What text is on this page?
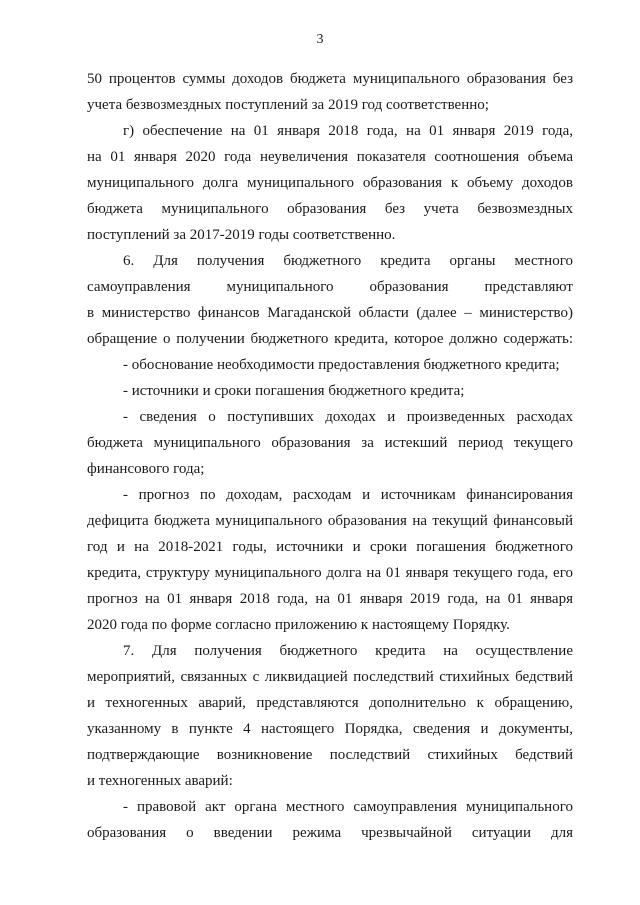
3
50 процентов суммы доходов бюджета муниципального образования без
учета безвозмездных поступлений за 2019 год соответственно;
г) обеспечение на 01 января 2018 года, на 01 января 2019 года,
на 01 января 2020 года неувеличения показателя соотношения объема
муниципального долга муниципального образования к объему доходов
бюджета муниципального образования без учета безвозмездных
поступлений за 2017-2019 годы соответственно.
6. Для получения бюджетного кредита органы местного
самоуправления муниципального образования представляют
в министерство финансов Магаданской области (далее – министерство)
обращение о получении бюджетного кредита, которое должно содержать:
- обоснование необходимости предоставления бюджетного кредита;
- источники и сроки погашения бюджетного кредита;
- сведения о поступивших доходах и произведенных расходах
бюджета муниципального образования за истекший период текущего
финансового года;
- прогноз по доходам, расходам и источникам финансирования
дефицита бюджета муниципального образования на текущий финансовый
год и на 2018-2021 годы, источники и сроки погашения бюджетного
кредита, структуру муниципального долга на 01 января текущего года, его
прогноз на 01 января 2018 года, на 01 января 2019 года, на 01 января
2020 года по форме согласно приложению к настоящему Порядку.
7. Для получения бюджетного кредита на осуществление
мероприятий, связанных с ликвидацией последствий стихийных бедствий
и техногенных аварий, представляются дополнительно к обращению,
указанному в пункте 4 настоящего Порядка, сведения и документы,
подтверждающие возникновение последствий стихийных бедствий
и техногенных аварий:
- правовой акт органа местного самоуправления муниципального
образования о введении режима чрезвычайной ситуации для
